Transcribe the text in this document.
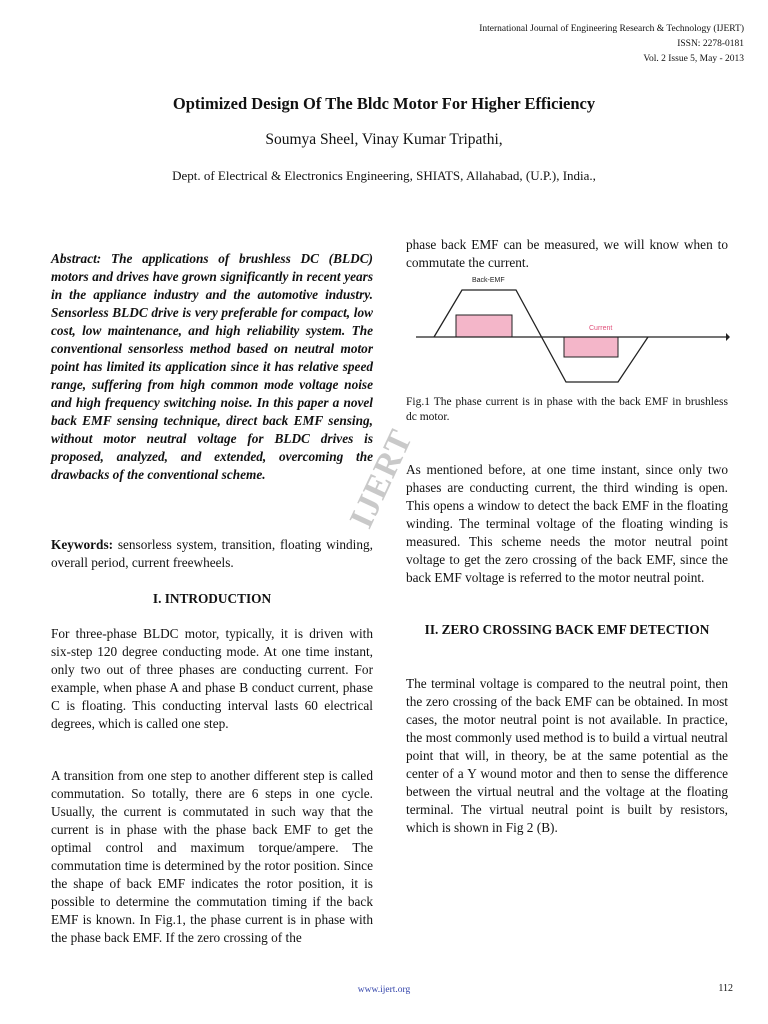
International Journal of Engineering Research & Technology (IJERT)
ISSN: 2278-0181
Vol. 2 Issue 5, May - 2013
Optimized Design Of The Bldc Motor For Higher Efficiency
Soumya Sheel, Vinay Kumar Tripathi,
Dept. of Electrical & Electronics Engineering, SHIATS, Allahabad, (U.P.), India.,
IJERT
Abstract: The applications of brushless DC (BLDC) motors and drives have grown significantly in recent years in the appliance industry and the automotive industry. Sensorless BLDC drive is very preferable for compact, low cost, low maintenance, and high reliability system. The conventional sensorless method based on neutral motor point has limited its application since it has relative speed range, suffering from high common mode voltage noise and high frequency switching noise. In this paper a novel back EMF sensing technique, direct back EMF sensing, without motor neutral voltage for BLDC drives is proposed, analyzed, and extended, overcoming the drawbacks of the conventional scheme.
Keywords: sensorless system, transition, floating winding, overall period, current freewheels.
I. INTRODUCTION
For three-phase BLDC motor, typically, it is driven with six-step 120 degree conducting mode. At one time instant, only two out of three phases are conducting current. For example, when phase A and phase B conduct current, phase C is floating. This conducting interval lasts 60 electrical degrees, which is called one step.
A transition from one step to another different step is called commutation. So totally, there are 6 steps in one cycle. Usually, the current is commutated in such way that the current is in phase with the phase back EMF to get the optimal control and maximum torque/ampere. The commutation time is determined by the rotor position. Since the shape of back EMF indicates the rotor position, it is possible to determine the commutation timing if the back EMF is known. In Fig.1, the phase current is in phase with the phase back EMF. If the zero crossing of the
phase back EMF can be measured, we will know when to commutate the current.
Back-EMF
Current
Fig.1 The phase current is in phase with the back EMF in brushless dc motor.
As mentioned before, at one time instant, since only two phases are conducting current, the third winding is open. This opens a window to detect the back EMF in the floating winding. The terminal voltage of the floating winding is measured. This scheme needs the motor neutral point voltage to get the zero crossing of the back EMF, since the back EMF voltage is referred to the motor neutral point.
II. ZERO CROSSING BACK EMF DETECTION
The terminal voltage is compared to the neutral point, then the zero crossing of the back EMF can be obtained. In most cases, the motor neutral point is not available. In practice, the most commonly used method is to build a virtual neutral point that will, in theory, be at the same potential as the center of a Y wound motor and then to sense the difference between the virtual neutral and the voltage at the floating terminal. The virtual neutral point is built by resistors, which is shown in Fig 2 (B).
www.ijert.org	112
